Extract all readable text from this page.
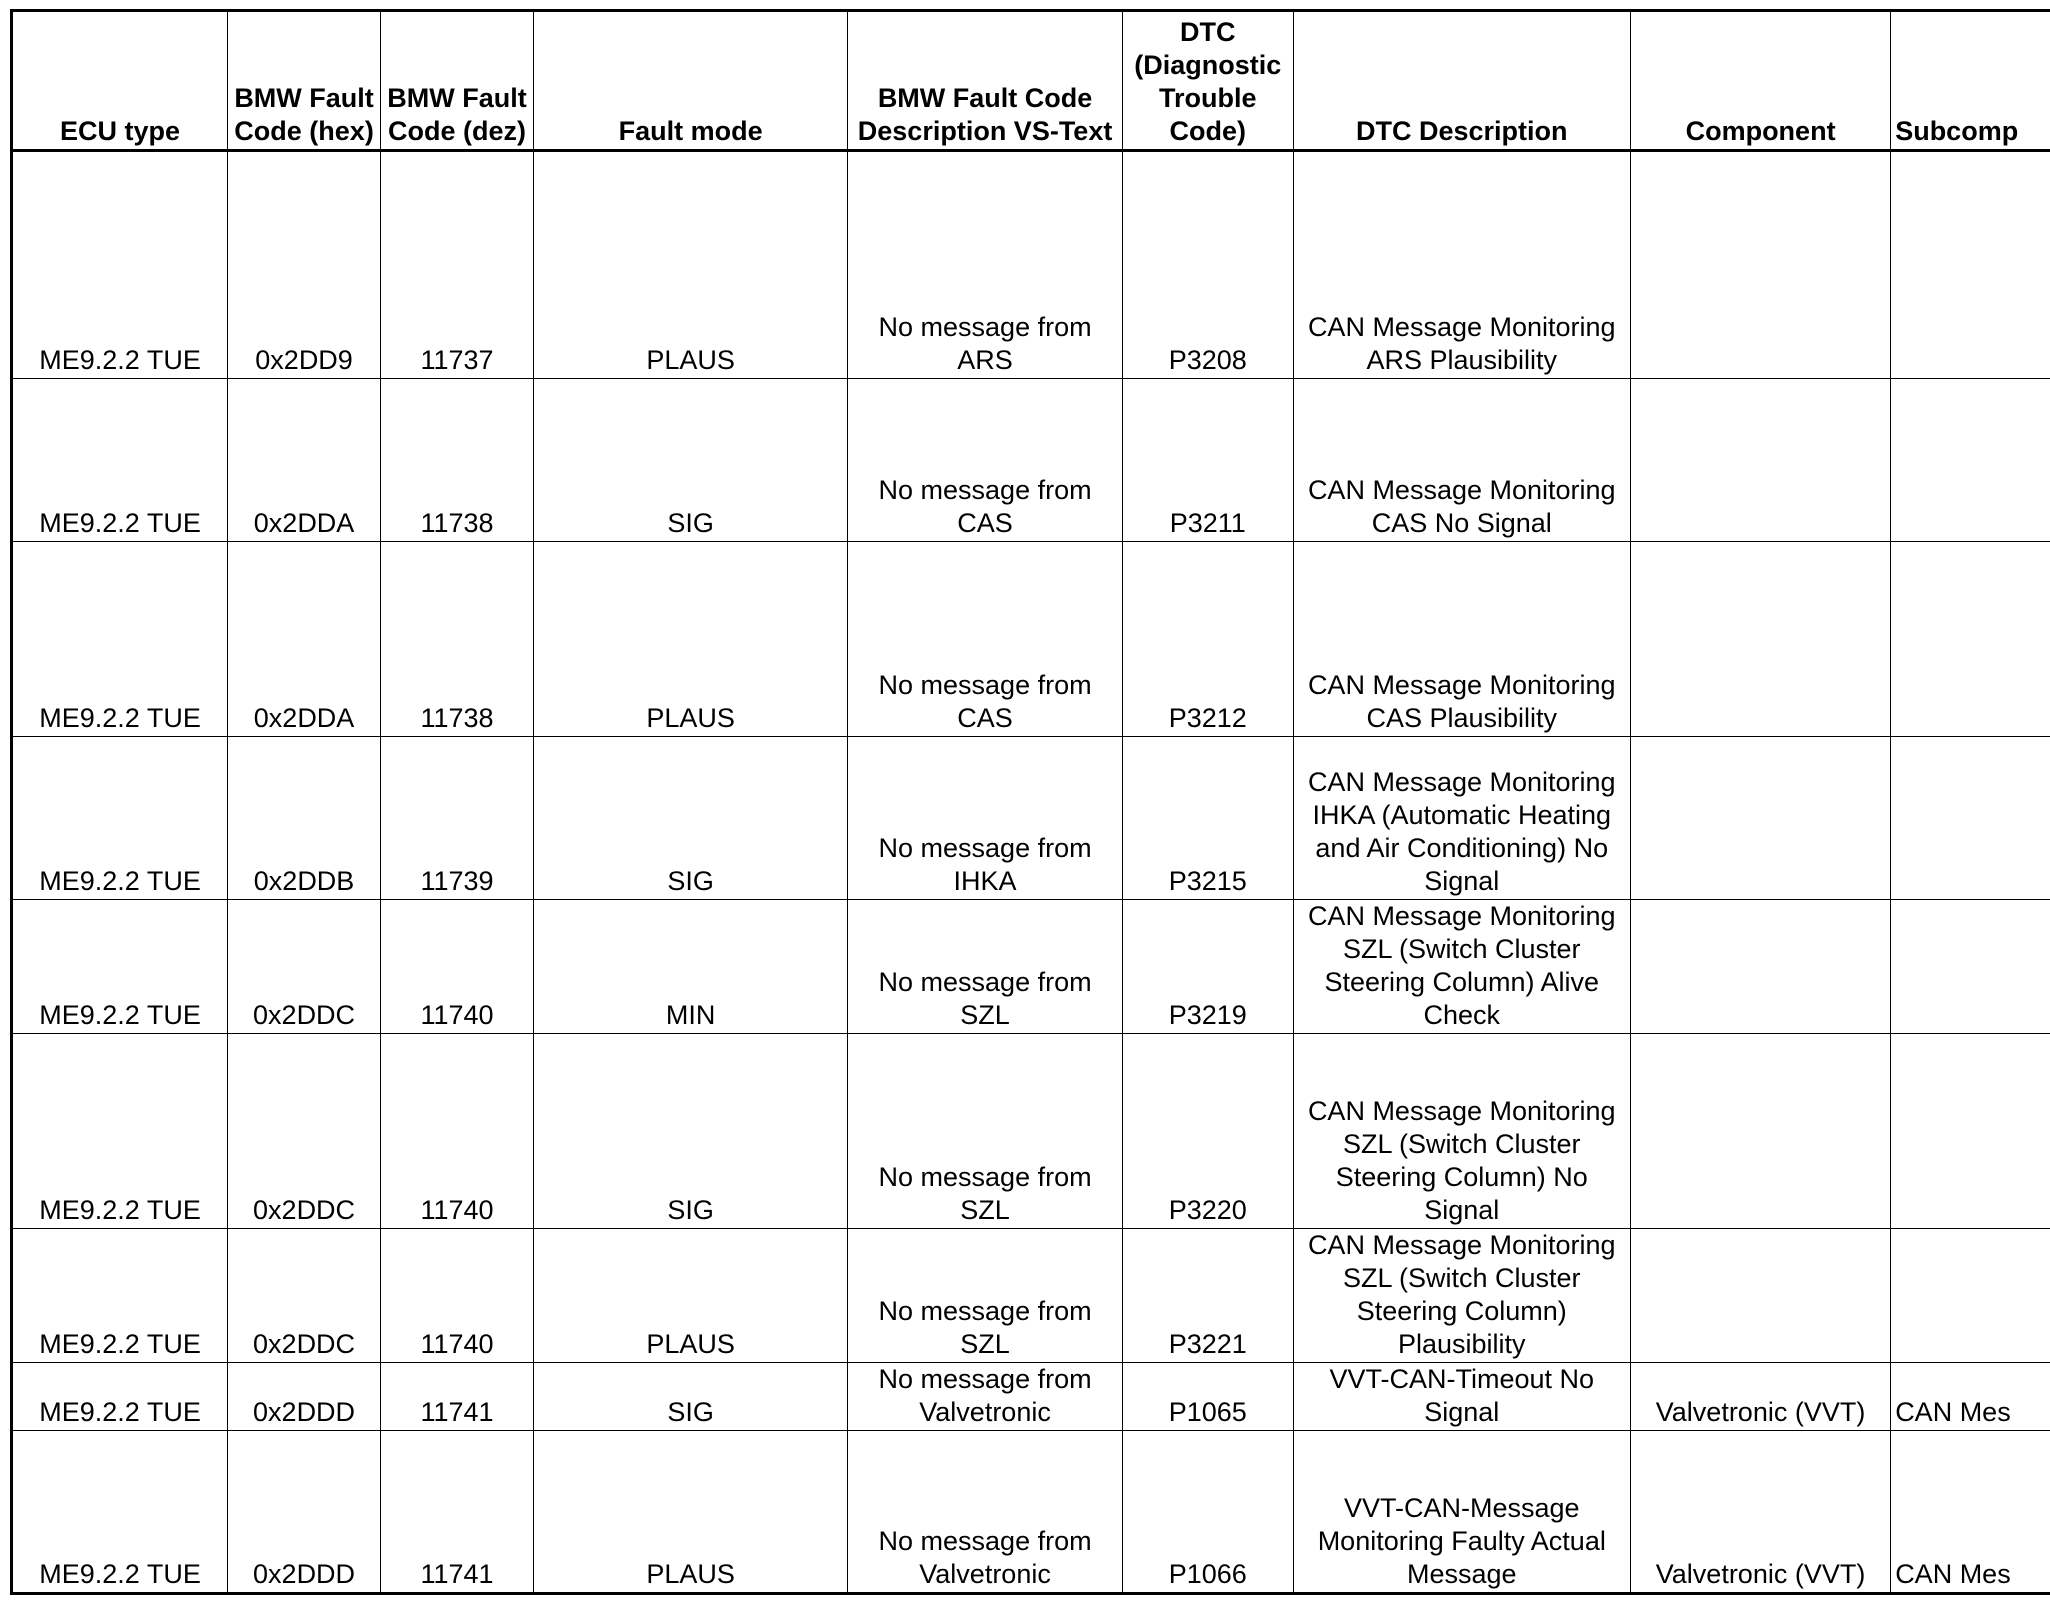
ECU type	BMW Fault Code (hex)	BMW Fault Code (dez)	Fault mode	BMW Fault Code Description VS-Text	DTC (Diagnostic Trouble Code)	DTC Description	Component	Subcomp
ME9.2.2 TUE	0x2DD9	11737	PLAUS	No message from ARS	P3208	CAN Message Monitoring ARS Plausibility		
ME9.2.2 TUE	0x2DDA	11738	SIG	No message from CAS	P3211	CAN Message Monitoring CAS No Signal		
ME9.2.2 TUE	0x2DDA	11738	PLAUS	No message from CAS	P3212	CAN Message Monitoring CAS Plausibility		
ME9.2.2 TUE	0x2DDB	11739	SIG	No message from IHKA	P3215	CAN Message Monitoring IHKA (Automatic Heating and Air Conditioning) No Signal		
ME9.2.2 TUE	0x2DDC	11740	MIN	No message from SZL	P3219	CAN Message Monitoring SZL (Switch Cluster Steering Column) Alive Check		
ME9.2.2 TUE	0x2DDC	11740	SIG	No message from SZL	P3220	CAN Message Monitoring SZL (Switch Cluster Steering Column) No Signal		
ME9.2.2 TUE	0x2DDC	11740	PLAUS	No message from SZL	P3221	CAN Message Monitoring SZL (Switch Cluster Steering Column) Plausibility		
ME9.2.2 TUE	0x2DDD	11741	SIG	No message from Valvetronic	P1065	VVT-CAN-Timeout No Signal	Valvetronic (VVT)	CAN Mes
ME9.2.2 TUE	0x2DDD	11741	PLAUS	No message from Valvetronic	P1066	VVT-CAN-Message Monitoring Faulty Actual Message	Valvetronic (VVT)	CAN Mes
